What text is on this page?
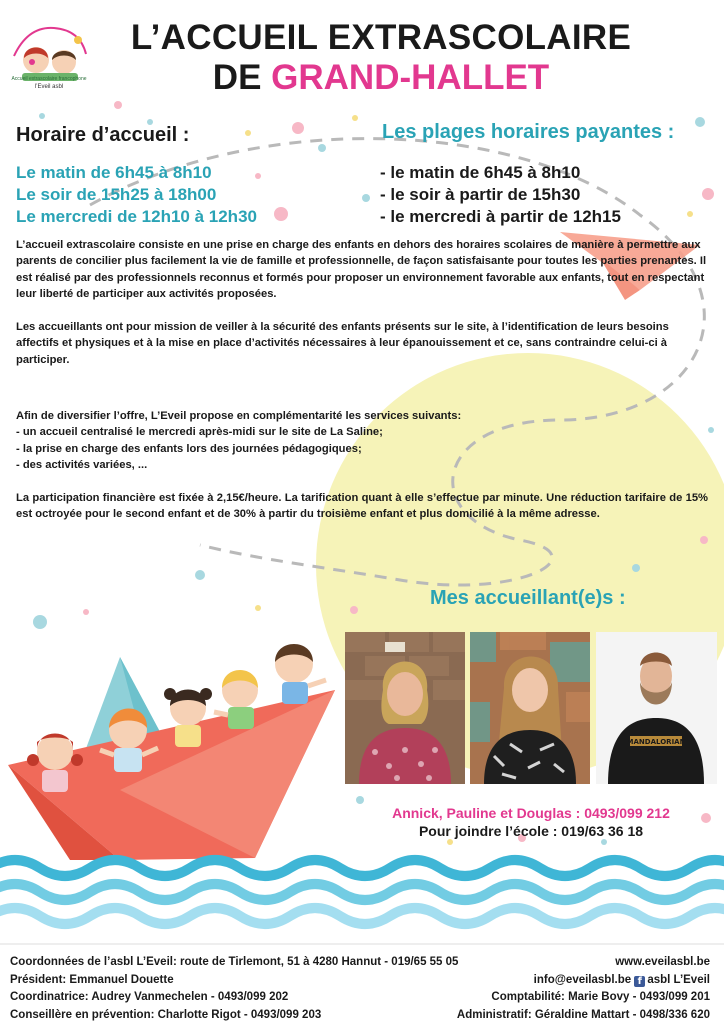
Accueil extrascolaire francophone
l’Eveil asbl
L’ACCUEIL EXTRASCOLAIRE
DE GRAND-HALLET
Horaire d’accueil :	Les plages horaires payantes :
Le matin de 6h45 à 8h10
Le soir de 15h25 à 18h00
Le mercredi de 12h10 à 12h30
- le matin de 6h45 à 8h10
- le soir à partir de 15h30
- le mercredi à partir de 12h15
L’accueil extrascolaire consiste en une prise en charge des enfants en dehors des horaires scolaires de manière à permettre aux parents de concilier plus facilement la vie de famille et professionnelle, de façon satisfaisante pour toutes les parties prenantes. Il est réalisé par des professionnels reconnus et formés pour proposer un environnement favorable aux enfants, tout en respectant leur liberté de participer aux activités proposées.
Les accueillants ont pour mission de veiller à la sécurité des enfants présents sur le site, à l’identification de leurs besoins affectifs et physiques et à la mise en place d’activités nécessaires à leur épanouissement et ce, sans contraindre celui-ci à participer.
Afin de diversifier l’offre, L’Eveil propose en complémentarité les services suivants:
- un accueil centralisé le mercredi après-midi sur le site de La Saline;
- la prise en charge des enfants lors des journées pédagogiques;
- des activités variées, ...
La participation financière est fixée à 2,15€/heure. La tarification quant à elle s’effectue par minute. Une réduction tarifaire de 15% est octroyée pour le second enfant et de 30% à partir du troisième enfant et plus domicilié à la même adresse.
Mes accueillant(e)s :
MANDALORIAN
Annick, Pauline et Douglas : 0493/099 212
Pour joindre l’école : 019/63 36 18
Coordonnées de l’asbl L’Eveil: route de Tirlemont, 51 à 4280 Hannut - 019/65 55 05
Président: Emmanuel Douette
Coordinatrice: Audrey Vanmechelen - 0493/099 202
Conseillère en prévention: Charlotte Rigot - 0493/099 203
www.eveilasbl.be
info@eveilasbl.be f asbl L’Eveil
Comptabilité: Marie Bovy - 0493/099 201
Administratif: Géraldine Mattart - 0498/336 620
